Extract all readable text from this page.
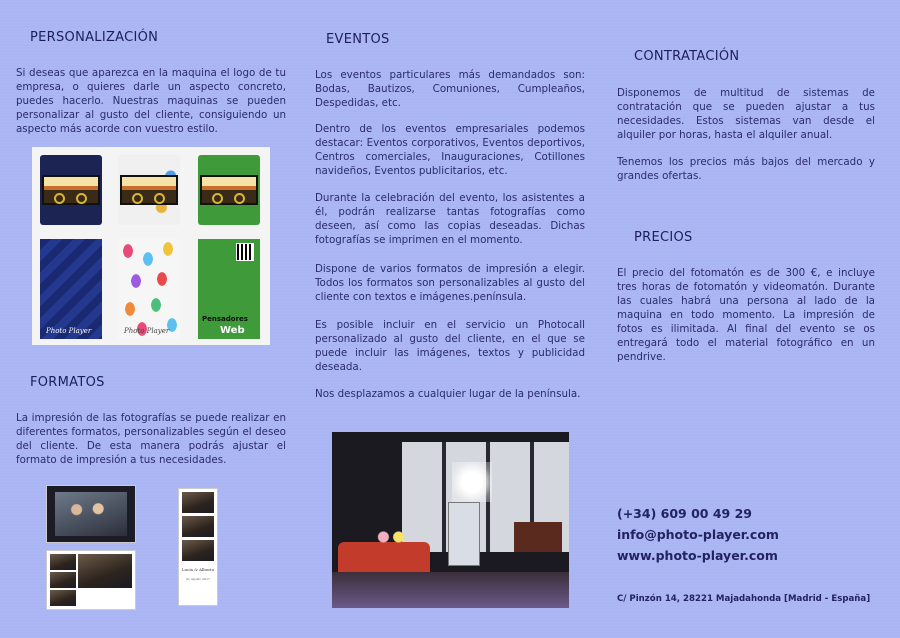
PERSONALIZACIÓN

Si deseas que aparezca en la maquina el logo de tu empresa, o quieres darle un aspecto concreto, puedes hacerlo. Nuestras maquinas se pueden personalizar al gusto del cliente, consiguiendo un aspecto más acorde con vuestro estilo.

Photo Player	Photo Player
Pensadores
Web
FORMATOS

La impresión de las fotografías se puede realizar en diferentes formatos, personalizables según el deseo del cliente. De esta manera podrás ajustar el formato de impresión a tus necesidades.

Lucía & Alberto
21 Agosto 2017
EVENTOS

Los eventos particulares más demandados son: Bodas, Bautizos, Comuniones, Cumpleaños, Despedidas, etc.

Dentro de los eventos empresariales podemos destacar: Eventos corporativos, Eventos deportivos, Centros comerciales, Inauguraciones, Cotillones navideños, Eventos publicitarios, etc.

Durante la celebración del evento, los asistentes a él, podrán realizarse tantas fotografías como deseen, así como las copias deseadas. Dichas fotografías se imprimen en el momento.

Dispone de varios formatos de impresión a elegir. Todos los formatos son personalizables al gusto del cliente con textos e imágenes.península.

Es posible incluir en el servicio un Photocall personalizado al gusto del cliente, en el que se puede incluir las imágenes, textos y publicidad deseada.

Nos desplazamos a cualquier lugar de la península.

CONTRATACIÓN

Disponemos de multitud de sistemas de contratación que se pueden ajustar a tus necesidades. Estos sistemas van desde el alquiler por horas, hasta el alquiler anual.

Tenemos los precios más bajos del mercado y grandes ofertas.

PRECIOS

El precio del fotomatón es de 300 €, e incluye tres horas de fotomatón y videomatón. Durante las cuales habrá una persona al lado de la maquina en todo momento. La impresión de fotos es ilimitada. Al final del evento se os entregará todo el material fotográfico en un pendrive.

(+34) 609 00 49 29
info@photo-player.com
www.photo-player.com
C/ Pinzón 14, 28221 Majadahonda [Madrid - España]
